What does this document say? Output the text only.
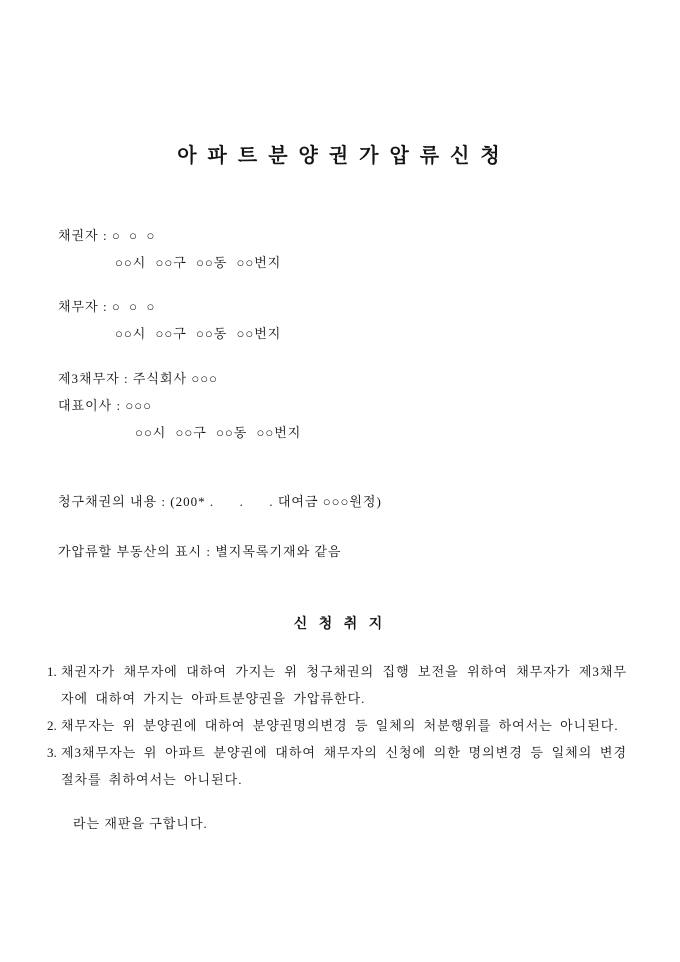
아 파 트 분 양 권 가 압 류 신 청
채권자 : ○  ○  ○
○○시 ○○구 ○○동 ○○번지
채무자 : ○  ○  ○
○○시 ○○구 ○○동 ○○번지
제3채무자 : 주식회사 ○○○
대표이사 : ○○○
○○시 ○○구 ○○동 ○○번지
청구채권의 내용 : (200* .      .      . 대여금 ○○○원정)
가압류할 부동산의 표시 : 별지목록기재와 같음
신 청 취 지
1. 채권자가 채무자에 대하여 가지는 위 청구채권의 집행 보전을 위하여 채무자가 제3채무자에 대하여 가지는 아파트분양권을 가압류한다.
2. 채무자는 위 분양권에 대하여 분양권명의변경 등 일체의 처분행위를 하여서는 아니된다.
3. 제3채무자는 위 아파트 분양권에 대하여 채무자의 신청에 의한 명의변경 등 일체의 변경절차를 취하여서는 아니된다.
라는 재판을 구합니다.
